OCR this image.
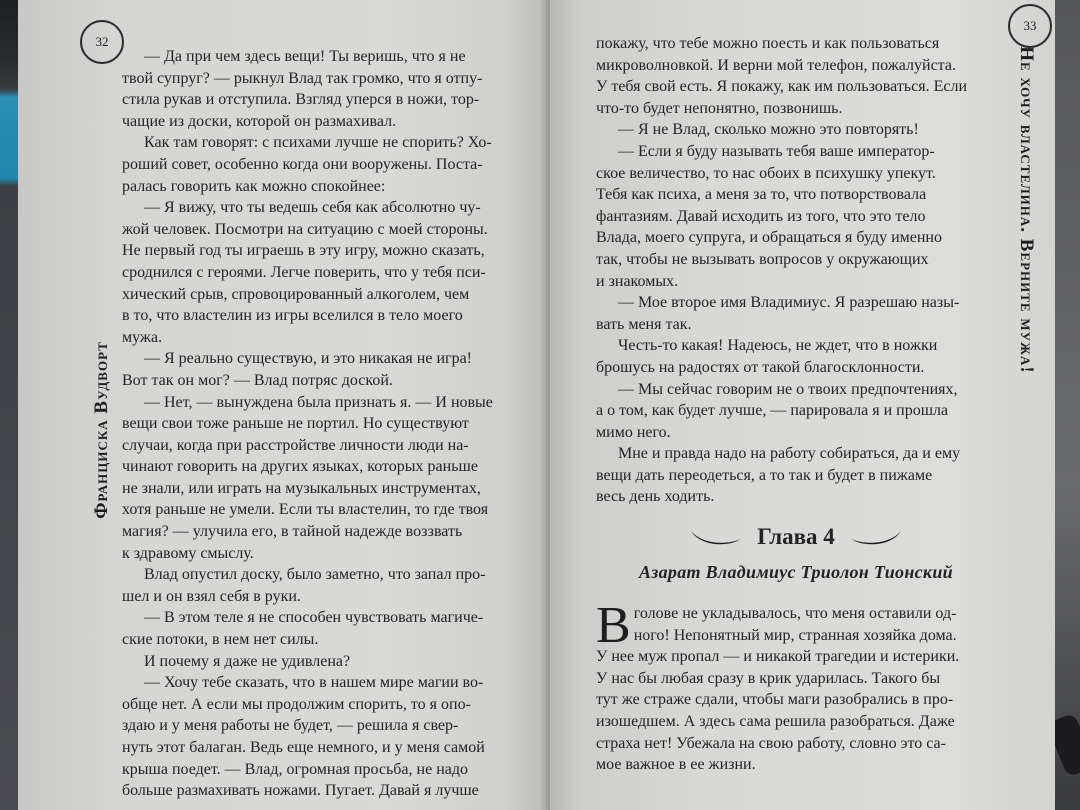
32
Франциска Вудворт

— Да при чем здесь вещи! Ты веришь, что я не

твой супруг? — рыкнул Влад так громко, что я отпу-

стила рукав и отступила. Взгляд уперся в ножи, тор-

чащие из доски, которой он размахивал.

Как там говорят: с психами лучше не спорить? Хо-

роший совет, особенно когда они вооружены. Поста-

ралась говорить как можно спокойнее:

— Я вижу, что ты ведешь себя как абсолютно чу-

жой человек. Посмотри на ситуацию с моей стороны.

Не первый год ты играешь в эту игру, можно сказать,

сроднился с героями. Легче поверить, что у тебя пси-

хический срыв, спровоцированный алкоголем, чем

в то, что властелин из игры вселился в тело моего

мужа.

— Я реально существую, и это никакая не игра!

Вот так он мог? — Влад потряс доской.

— Нет, — вынуждена была признать я. — И новые

вещи свои тоже раньше не портил. Но существуют

случаи, когда при расстройстве личности люди на-

чинают говорить на других языках, которых раньше

не знали, или играть на музыкальных инструментах,

хотя раньше не умели. Если ты властелин, то где твоя

магия? — улучила его, в тайной надежде воззвать

к здравому смыслу.

Влад опустил доску, было заметно, что запал про-

шел и он взял себя в руки.

— В этом теле я не способен чувствовать магиче-

ские потоки, в нем нет силы.

И почему я даже не удивлена?

— Хочу тебе сказать, что в нашем мире магии во-

обще нет. А если мы продолжим спорить, то я опо-

здаю и у меня работы не будет, — решила я свер-

нуть этот балаган. Ведь еще немного, и у меня самой

крыша поедет. — Влад, огромная просьба, не надо

больше размахивать ножами. Пугает. Давай я лучше

33
Не хочу властелина. Верните мужа!

покажу, что тебе можно поесть и как пользоваться

микроволновкой. И верни мой телефон, пожалуйста.

У тебя свой есть. Я покажу, как им пользоваться. Если

что-то будет непонятно, позвонишь.

— Я не Влад, сколько можно это повторять!

— Если я буду называть тебя ваше император-

ское величество, то нас обоих в психушку упекут.

Тебя как психа, а меня за то, что потворствовала

фантазиям. Давай исходить из того, что это тело

Влада, моего супруга, и обращаться я буду именно

так, чтобы не вызывать вопросов у окружающих

и знакомых.

— Мое второе имя Владимиус. Я разрешаю назы-

вать меня так.

Честь-то какая! Надеюсь, не ждет, что в ножки

брошусь на радостях от такой благосклонности.

— Мы сейчас говорим не о твоих предпочтениях,

а о том, как будет лучше, — парировала я и прошла

мимо него.

Мне и правда надо на работу собираться, да и ему

вещи дать переодеться, а то так и будет в пижаме

весь день ходить.

Глава 4
Азарат Владимиус Триолон Тионский
В голове не укладывалось, что меня оставили од-

ного! Непонятный мир, странная хозяйка дома.

У нее муж пропал — и никакой трагедии и истерики.

У нас бы любая сразу в крик ударилась. Такого бы

тут же страже сдали, чтобы маги разобрались в про-

изошедшем. А здесь сама решила разобраться. Даже

страха нет! Убежала на свою работу, словно это са-

мое важное в ее жизни.
